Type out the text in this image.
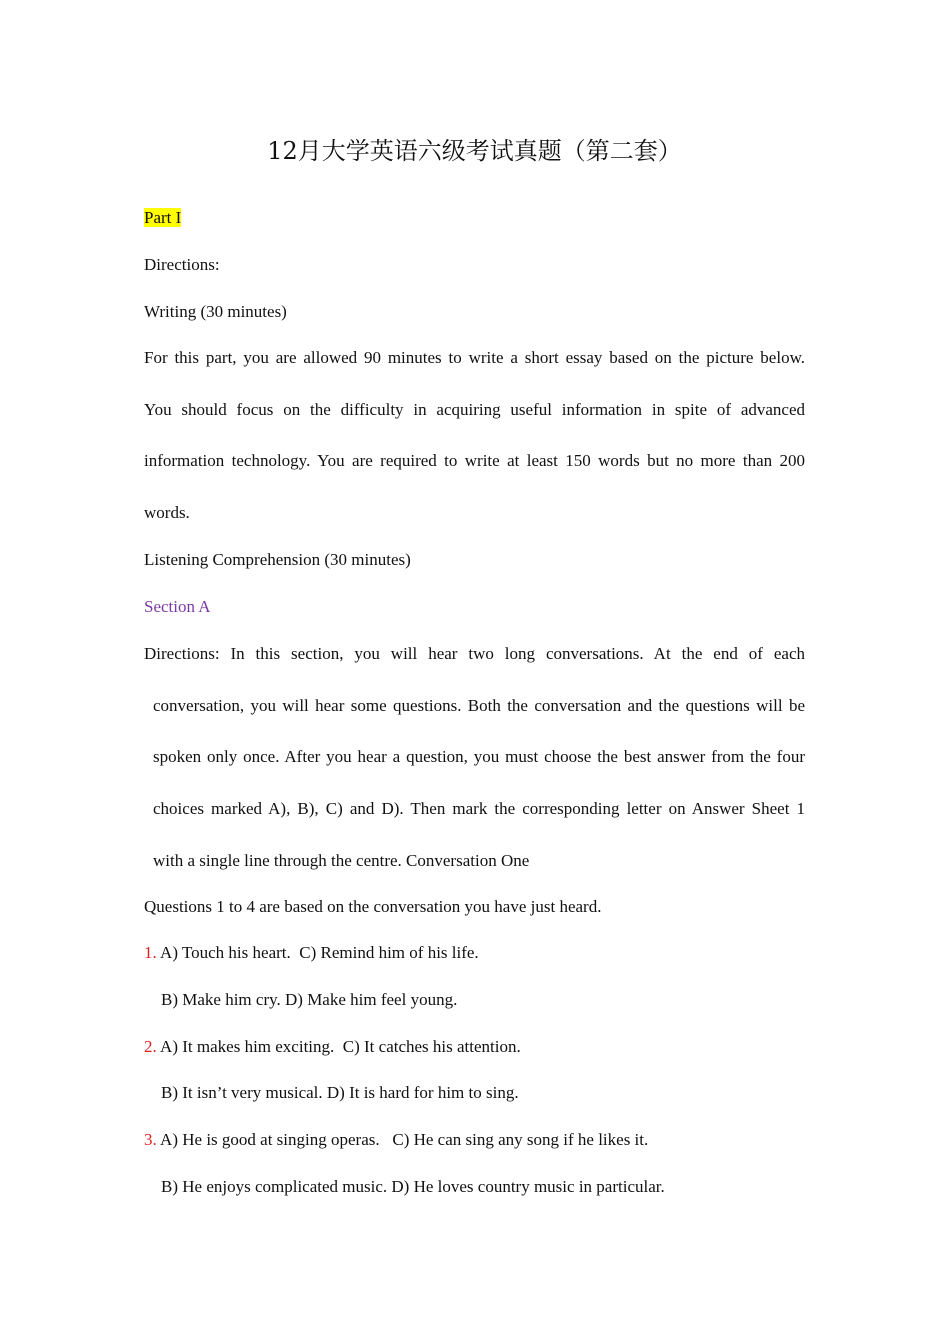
12月大学英语六级考试真题（第二套）
Part I
Directions:
Writing (30 minutes)
For this part, you are allowed 90 minutes to write a short essay based on the picture below.
You should focus on the difficulty in acquiring useful information in spite of advanced
information technology. You are required to write at least 150 words but no more than 200
words.
Listening Comprehension (30 minutes)
Section A
Directions: In this section, you will hear two long conversations. At the end of each
conversation, you will hear some questions. Both the conversation and the questions will be
spoken only once. After you hear a question, you must choose the best answer from the four
choices marked A), B), C) and D). Then mark the corresponding letter on Answer Sheet 1
with a single line through the centre. Conversation One
Questions 1 to 4 are based on the conversation you have just heard.
1. A) Touch his heart.  C) Remind him of his life.
B) Make him cry. D) Make him feel young.
2. A) It makes him exciting.  C) It catches his attention.
B) It isn’t very musical. D) It is hard for him to sing.
3. A) He is good at singing operas.   C) He can sing any song if he likes it.
B) He enjoys complicated music. D) He loves country music in particular.
